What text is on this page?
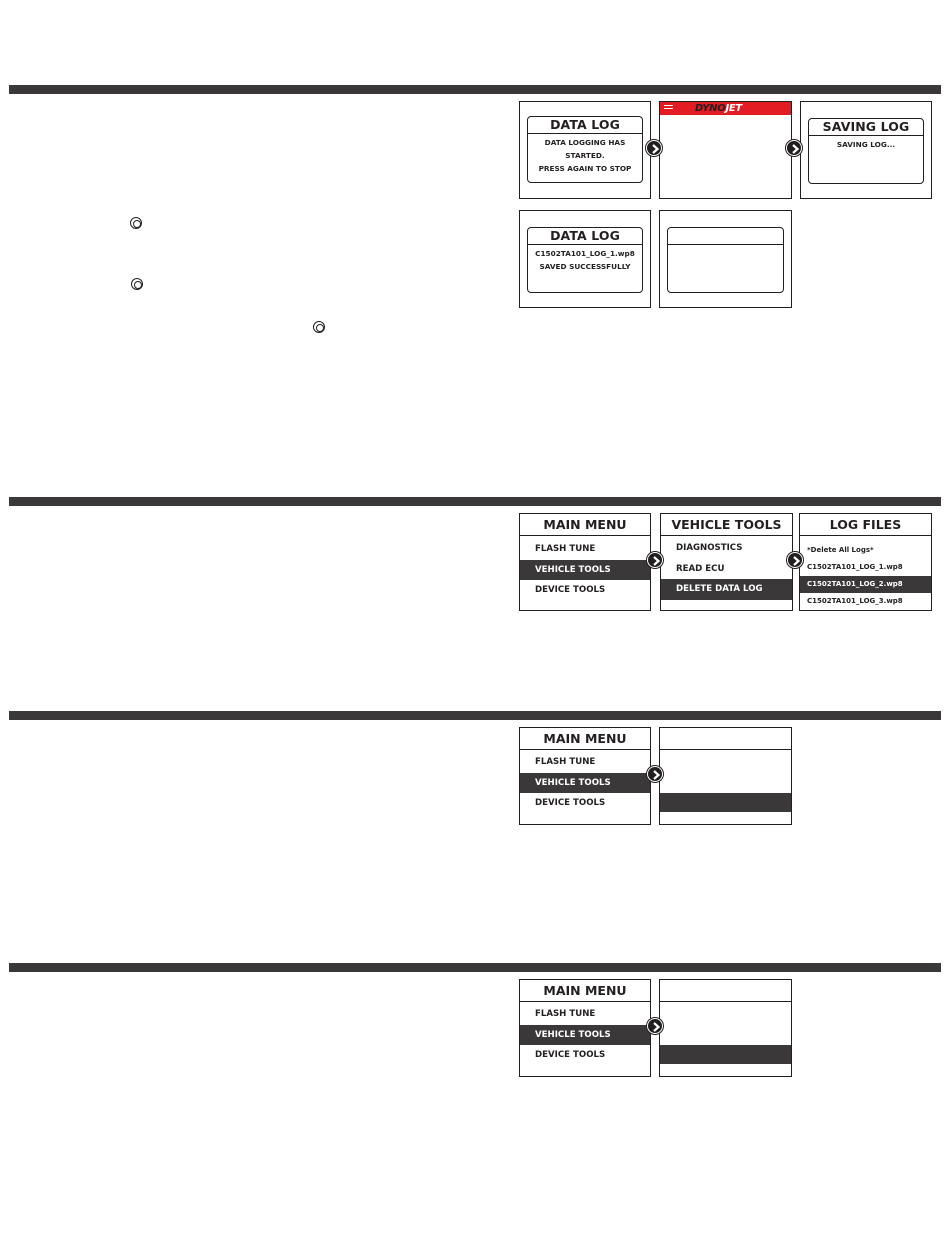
DATA LOG
DATA LOGGING HAS STARTED.
PRESS AGAIN TO STOP
DYNOJET
SAVING LOG
SAVING LOG...
DATA LOG
C1502TA101_LOG_1.wp8
SAVED SUCCESSFULLY
MAIN MENU
FLASH TUNE
VEHICLE TOOLS
DEVICE TOOLS
VEHICLE TOOLS
DIAGNOSTICS
READ ECU
DELETE DATA LOG
LOG FILES
*Delete All Logs*
C1502TA101_LOG_1.wp8
C1502TA101_LOG_2.wp8
C1502TA101_LOG_3.wp8
MAIN MENU
FLASH TUNE
VEHICLE TOOLS
DEVICE TOOLS
MAIN MENU
FLASH TUNE
VEHICLE TOOLS
DEVICE TOOLS
